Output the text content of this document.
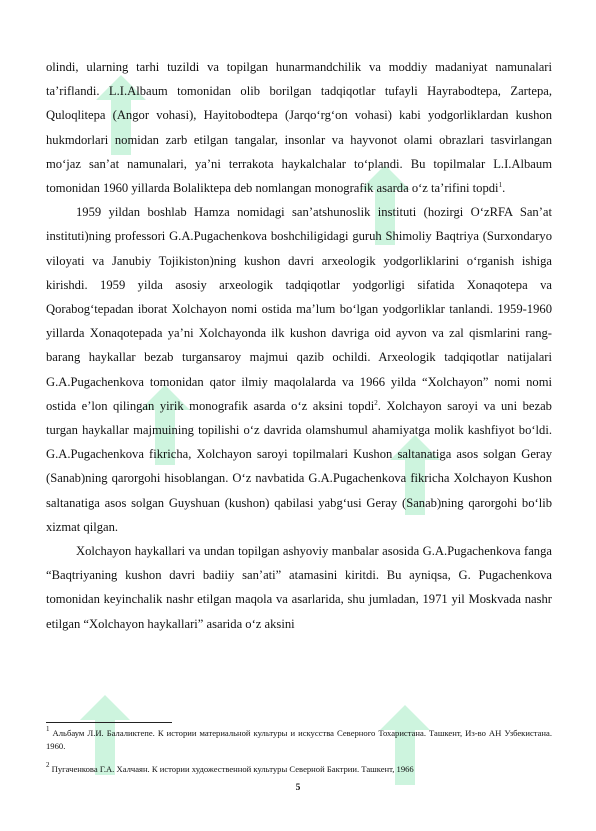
olindi, ularning tarhi tuzildi va topilgan hunarmandchilik va moddiy madaniyat namunalari taʼriflandi. L.I.Albaum tomonidan olib borilgan tadqiqotlar tufayli Hayrabodtepa, Zartepa, Quloqlitepa (Angor vohasi), Hayitobodtepa (Jarqo‘rg‘on vohasi) kabi yodgorliklardan kushon hukmdorlari nomidan zarb etilgan tangalar, insonlar va hayvonot olami obrazlari tasvirlangan mo‘jaz sanʼat namunalari, yaʼni terrakota haykalchalar to‘plandi. Bu topilmalar L.I.Albaum tomonidan 1960 yillarda Bolaliktepa deb nomlangan monografik asarda o‘z taʼrifini topdi$^1$.

1959 yildan boshlab Hamza nomidagi sanʼatshunoslik instituti (hozirgi O‘zRFA Sanʼat instituti)ning professori G.A.Pugachenkova boshchiligidagi guruh Shimoliy Baqtriya (Surxondaryo viloyati va Janubiy Tojikiston)ning kushon davri arxeologik yodgorliklarini o‘rganish ishiga kirishdi. 1959 yilda asosiy arxeologik tadqiqotlar yodgorligi sifatida Xonaqotepa va Qorabog‘tepadan iborat Xolchayon nomi ostida maʼlum bo‘lgan yodgorliklar tanlandi. 1959-1960 yillarda Xonaqotepada yaʼni Xolchayonda ilk kushon davriga oid ayvon va zal qismlarini rang-barang haykallar bezab turgansaroy majmui qazib ochildi. Arxeologik tadqiqotlar natijalari G.A.Pugachenkova tomonidan qator ilmiy maqolalarda va 1966 yilda “Xolchayon” nomi nomi ostida eʼlon qilingan yirik monografik asarda o‘z aksini topdi$^2$. Xolchayon saroyi va uni bezab turgan haykallar majmuining topilishi o‘z davrida olamshumul ahamiyatga molik kashfiyot bo‘ldi. G.A.Pugachenkova fikricha, Xolchayon saroyi topilmalari Kushon saltanatiga asos solgan Geray (Sanab)ning qarorgohi hisoblangan. O‘z navbatida G.A.Pugachenkova fikricha Xolchayon Kushon saltanatiga asos solgan Guyshuan (kushon) qabilasi yabg‘usi Geray (Sanab)ning qarorgohi bo‘lib xizmat qilgan.

Xolchayon haykallari va undan topilgan ashyoviy manbalar asosida G.A.Pugachenkova fanga “Baqtriyaning kushon davri badiiy sanʼati” atamasini kiritdi. Bu ayniqsa, G. Pugachenkova tomonidan keyinchalik nashr etilgan maqola va asarlarida, shu jumladan, 1971 yil Moskvada nashr etilgan “Xolchayon haykallari” asarida o‘z aksini

$^1$ Альбаум Л.И. Балаликтепе. К истории материальной культуры и искусства Северного Тохаристана. Ташкент, Из-во АН Узбекистана. 1960.

$^2$ Пугаченкова Г.А. Халчаян. К истории художественной культуры Северной Бактрии. Ташкент, 1966

5
